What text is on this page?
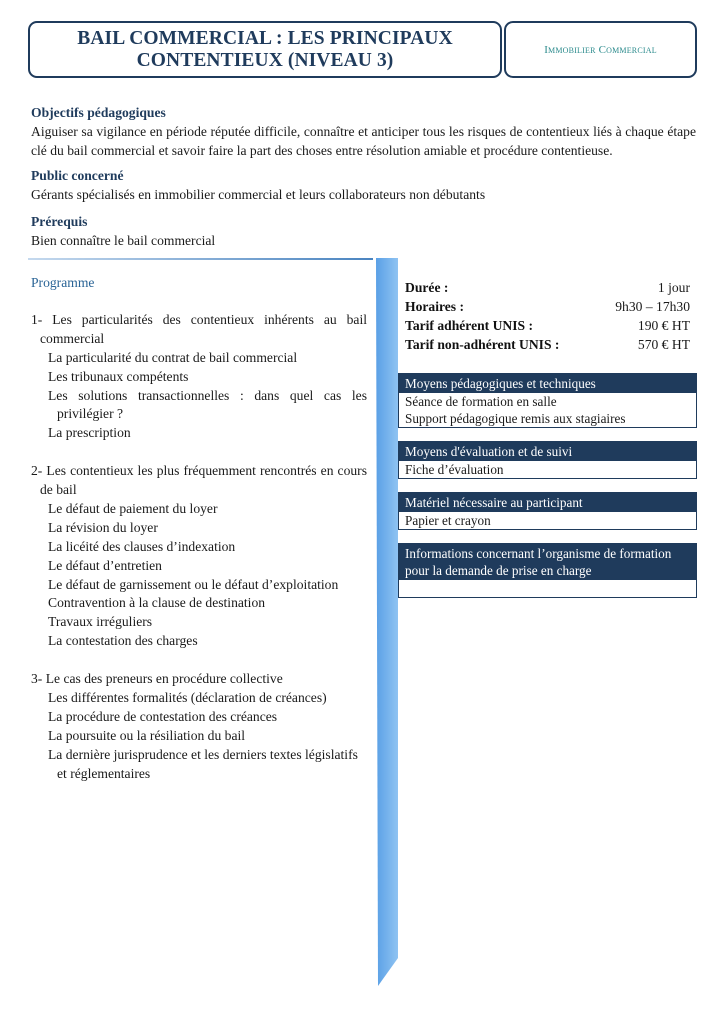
BAIL COMMERCIAL : LES PRINCIPAUX
CONTENTIEUX (NIVEAU 3)	Immobilier Commercial
Objectifs pédagogiques

Aiguiser sa vigilance en période réputée difficile, connaître et anticiper tous les risques de contentieux liés à chaque étape clé du bail commercial et savoir faire la part des choses entre résolution amiable et procédure contentieuse.

Public concerné

Gérants spécialisés en immobilier commercial et leurs collaborateurs non débutants

Prérequis

Bien connaître le bail commercial

Programme
1- Les particularités des contentieux inhérents au bail commercial
La particularité du contrat de bail commercial
Les tribunaux compétents
Les solutions transactionnelles : dans quel cas les privilégier ?
La prescription
2- Les contentieux les plus fréquemment rencontrés en cours de bail
Le défaut de paiement du loyer
La révision du loyer
La licéité des clauses d’indexation
Le défaut d’entretien
Le défaut de garnissement ou le défaut d’exploitation
Contravention à la clause de destination
Travaux irréguliers
La contestation des charges
3- Le cas des preneurs en procédure collective
Les différentes formalités (déclaration de créances)
La procédure de contestation des créances
La poursuite ou la résiliation du bail
La dernière jurisprudence et les derniers textes législatifs et réglementaires
Durée :	1 jour
Horaires :	9h30 – 17h30
Tarif adhérent UNIS :	190 € HT
Tarif non-adhérent UNIS :	570 € HT
Moyens pédagogiques et techniques
Séance de formation en salle
Support pédagogique remis aux stagiaires
Moyens d'évaluation et de suivi
Fiche d’évaluation
Matériel nécessaire au participant
Papier et crayon
Informations concernant l’organisme de formation pour la demande de prise en charge
